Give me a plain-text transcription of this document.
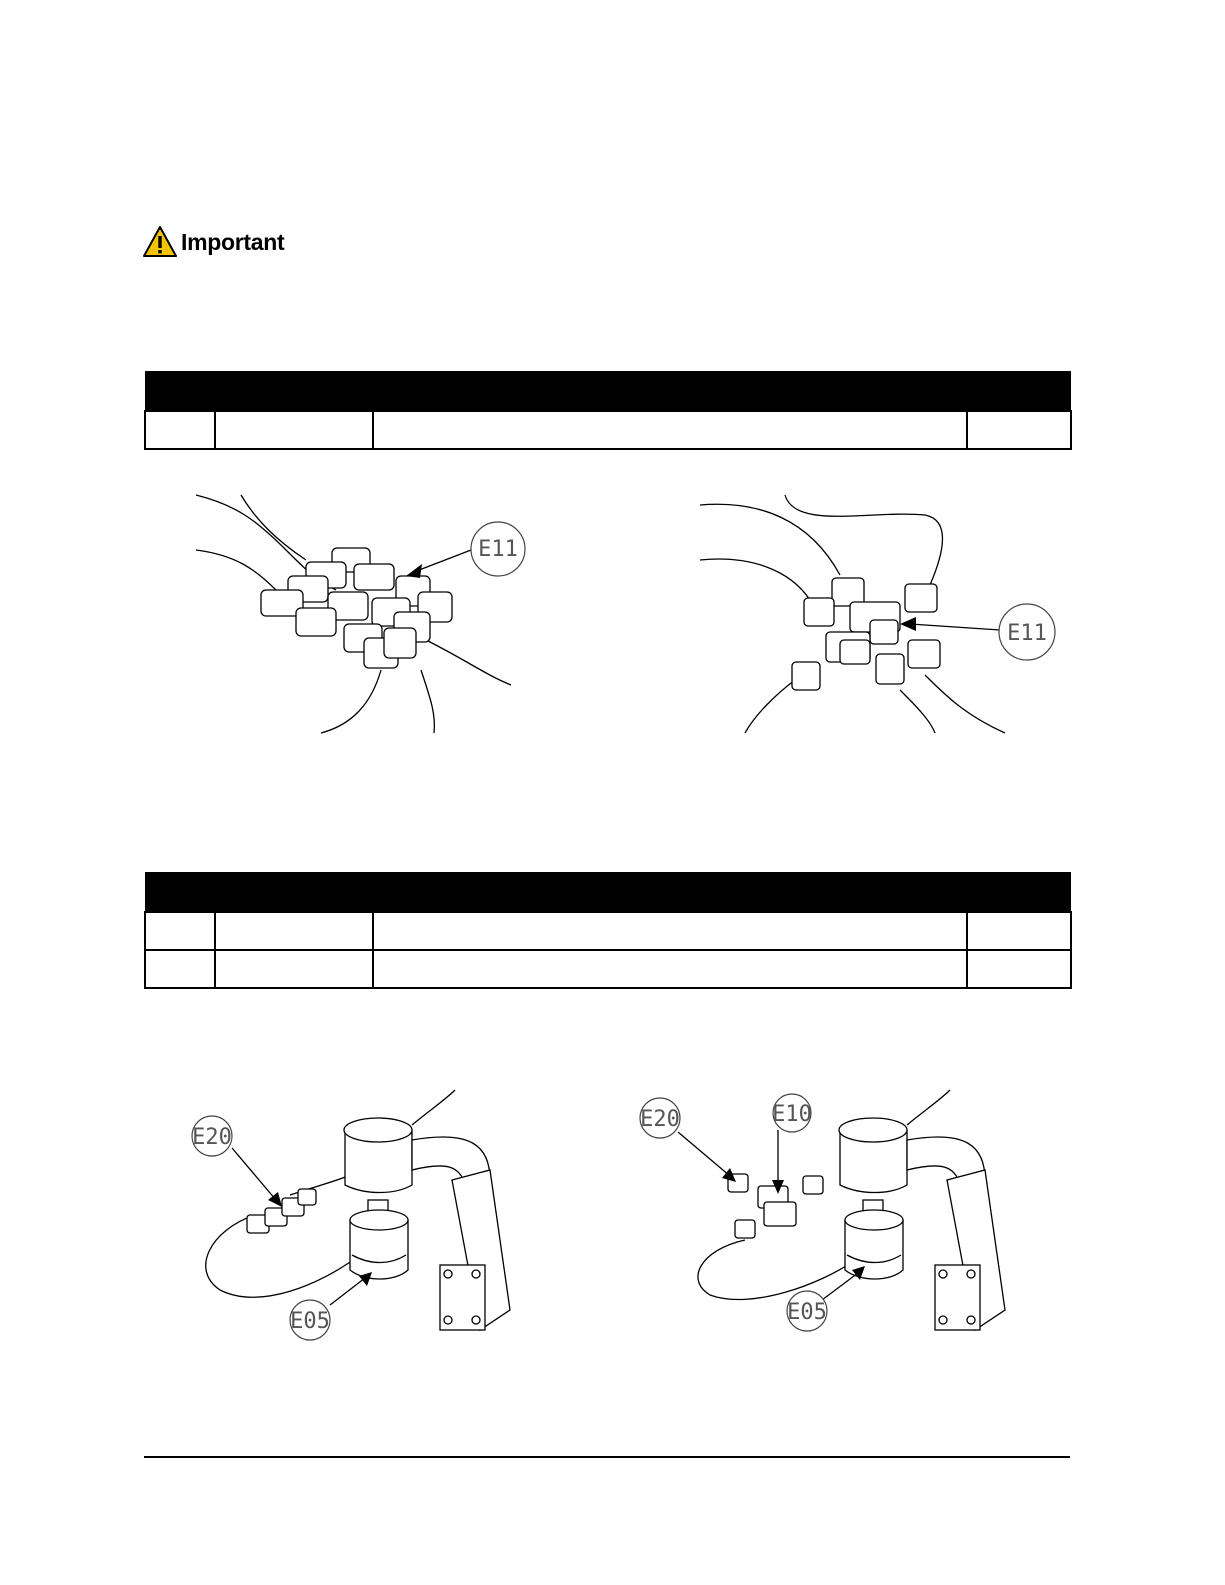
Important

E11
E11

E20
E05
E20	E10
E05
